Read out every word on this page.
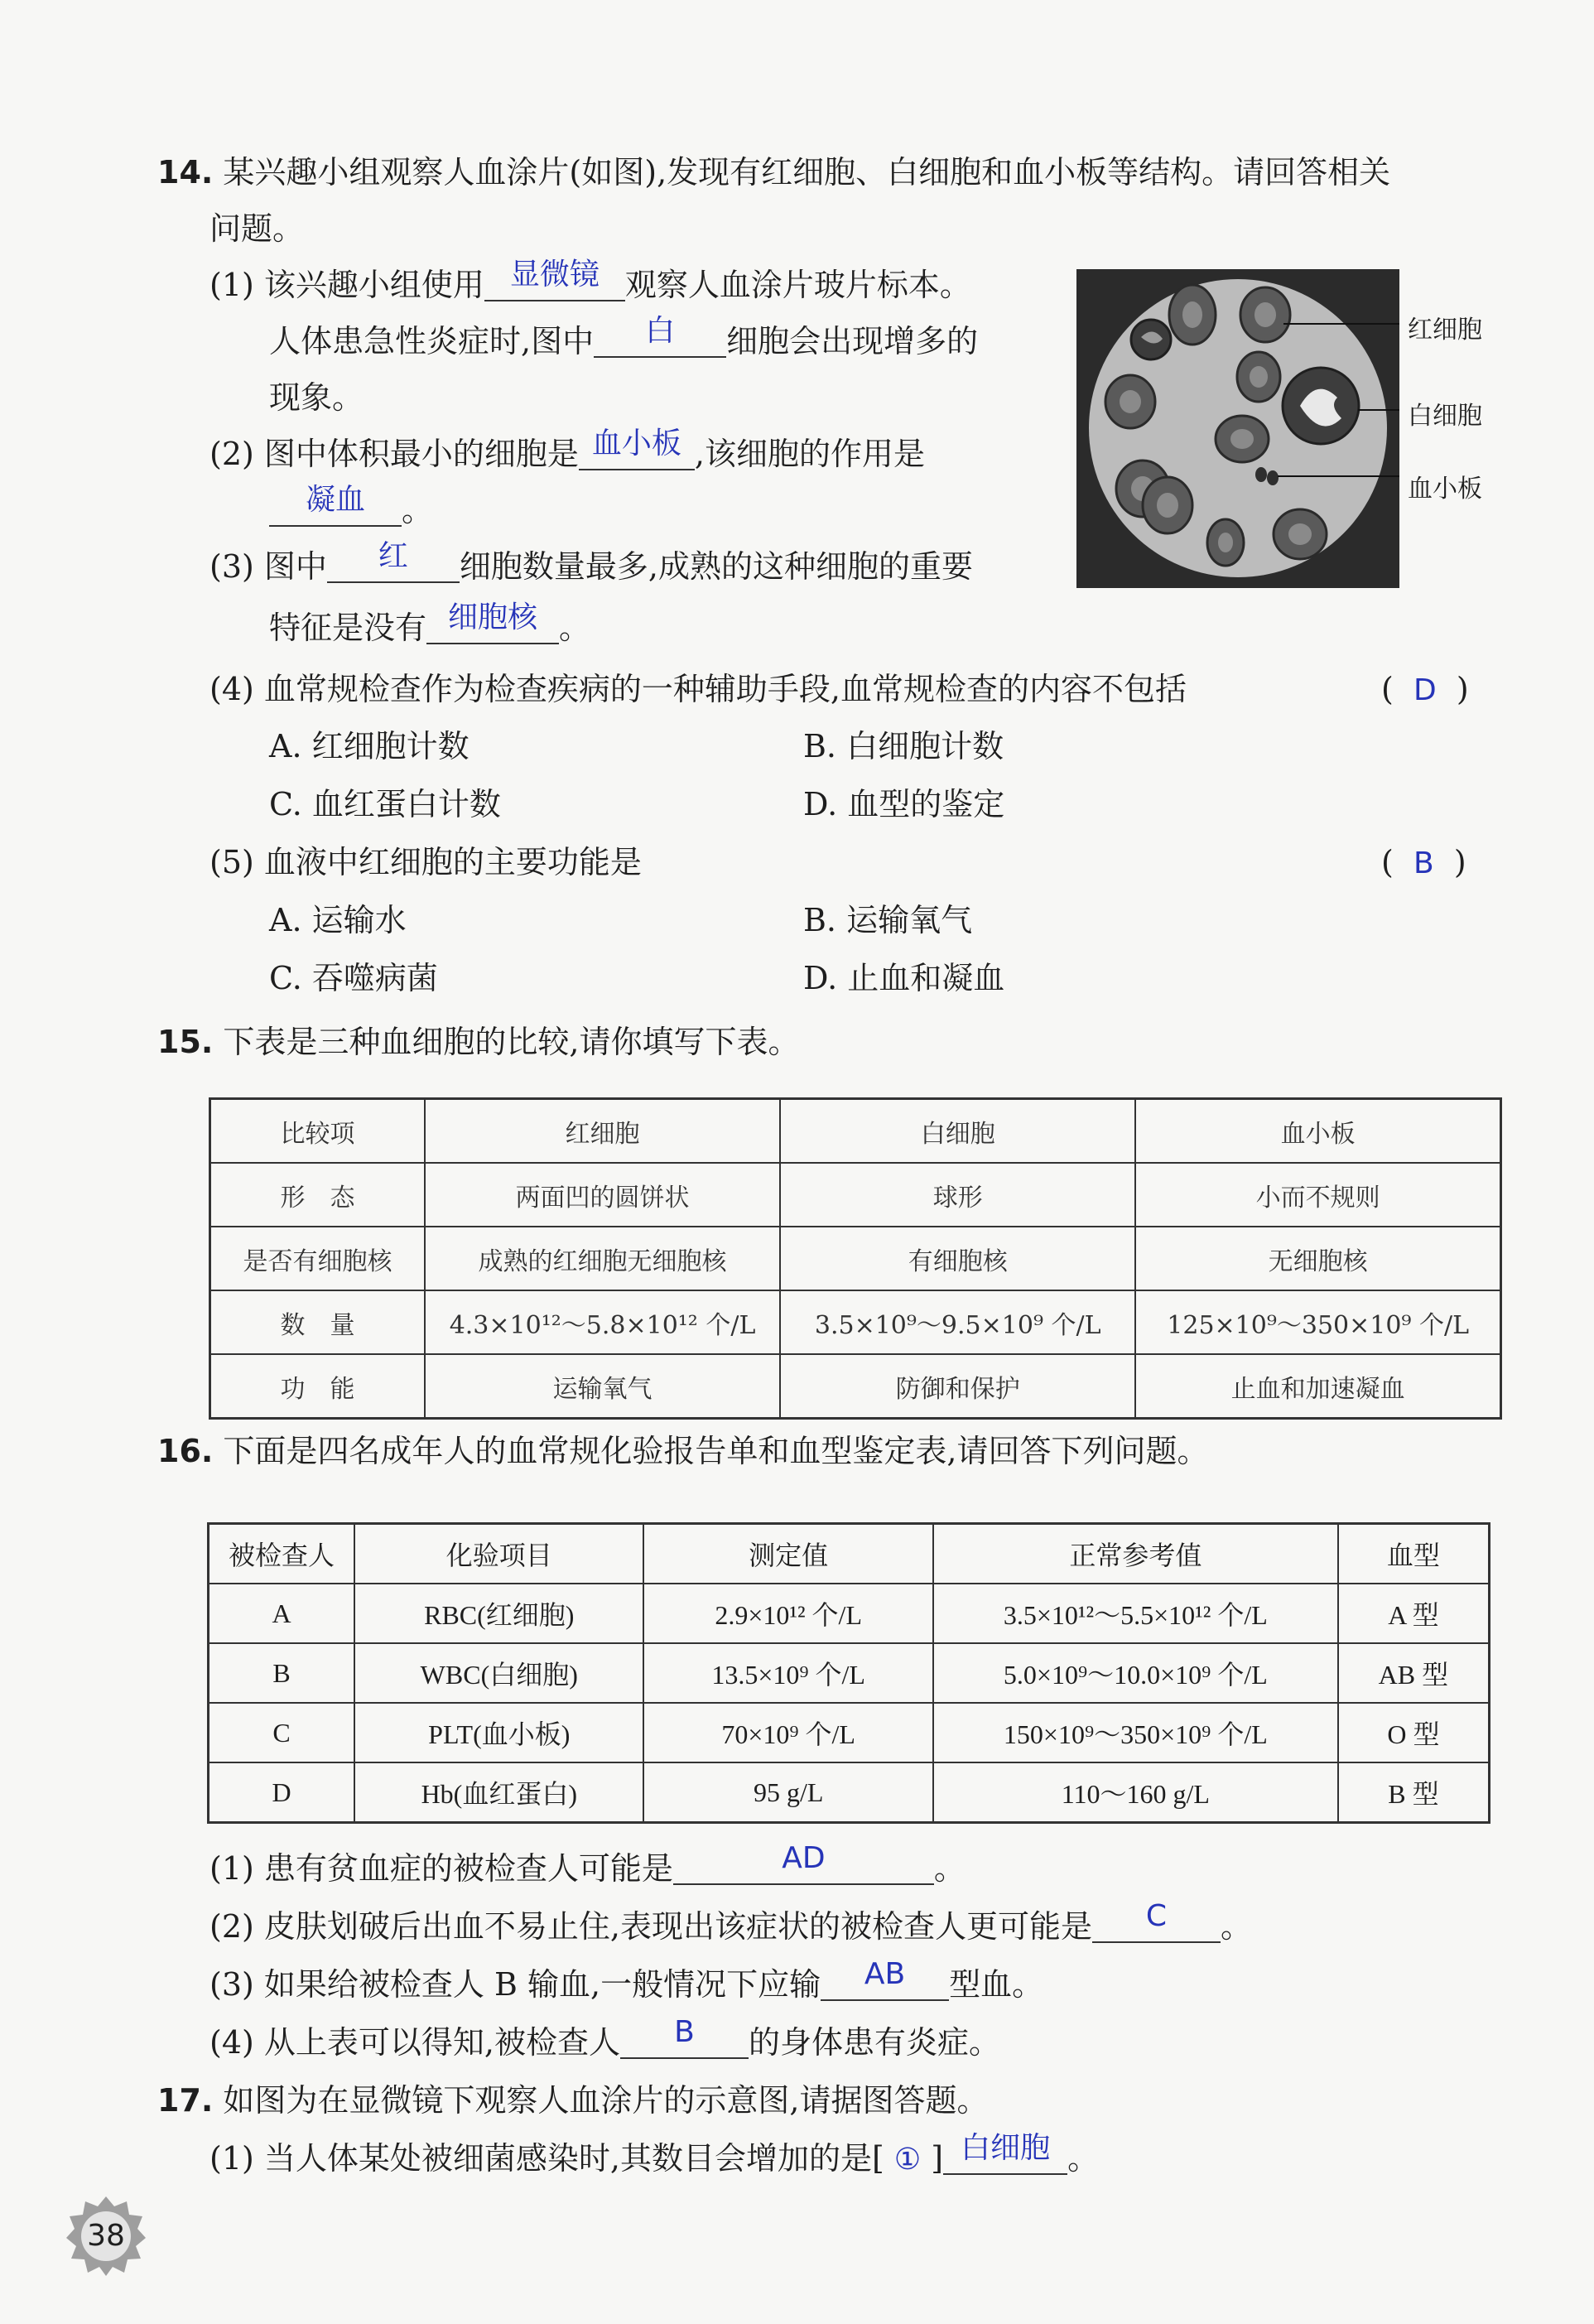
14. 某兴趣小组观察人血涂片(如图),发现有红细胞、白细胞和血小板等结构。请回答相关
问题。
(1) 该兴趣小组使用 显微镜 观察人血涂片玻片标本。
人体患急性炎症时,图中 白 细胞会出现增多的
现象。
(2) 图中体积最小的细胞是 血小板 ,该细胞的作用是
凝血 。
(3) 图中 红 细胞数量最多,成熟的这种细胞的重要
特征是没有 细胞核 。
(4) 血常规检查作为检查疾病的一种辅助手段,血常规检查的内容不包括	(  D  )
A. 红细胞计数	B. 白细胞计数
C. 血红蛋白计数	D. 血型的鉴定
(5) 血液中红细胞的主要功能是	(  B  )
A. 运输水	B. 运输氧气
C. 吞噬病菌	D. 止血和凝血
红细胞
白细胞
血小板
15. 下表是三种血细胞的比较,请你填写下表。
比较项	红细胞	白细胞	血小板
形　态	两面凹的圆饼状	球形	小而不规则
是否有细胞核	成熟的红细胞无细胞核	有细胞核	无细胞核
数　量	4.3×10¹²～5.8×10¹² 个/L	3.5×10⁹～9.5×10⁹ 个/L	125×10⁹～350×10⁹ 个/L
功　能	运输氧气	防御和保护	止血和加速凝血
16. 下面是四名成年人的血常规化验报告单和血型鉴定表,请回答下列问题。
被检查人	化验项目	测定值	正常参考值	血型
A	RBC(红细胞)	2.9×10¹² 个/L	3.5×10¹²～5.5×10¹² 个/L	A 型
B	WBC(白细胞)	13.5×10⁹ 个/L	5.0×10⁹～10.0×10⁹ 个/L	AB 型
C	PLT(血小板)	70×10⁹ 个/L	150×10⁹～350×10⁹ 个/L	O 型
D	Hb(血红蛋白)	95 g/L	110～160 g/L	B 型
(1) 患有贫血症的被检查人可能是	AD	。
(2) 皮肤划破后出血不易止住,表现出该症状的被检查人更可能是 C 。
(3) 如果给被检查人 B 输血,一般情况下应输 AB 型血。
(4) 从上表可以得知,被检查人 B 的身体患有炎症。
17. 如图为在显微镜下观察人血涂片的示意图,请据图答题。
(1) 当人体某处被细菌感染时,其数目会增加的是[ ① ] 白细胞 。
38
